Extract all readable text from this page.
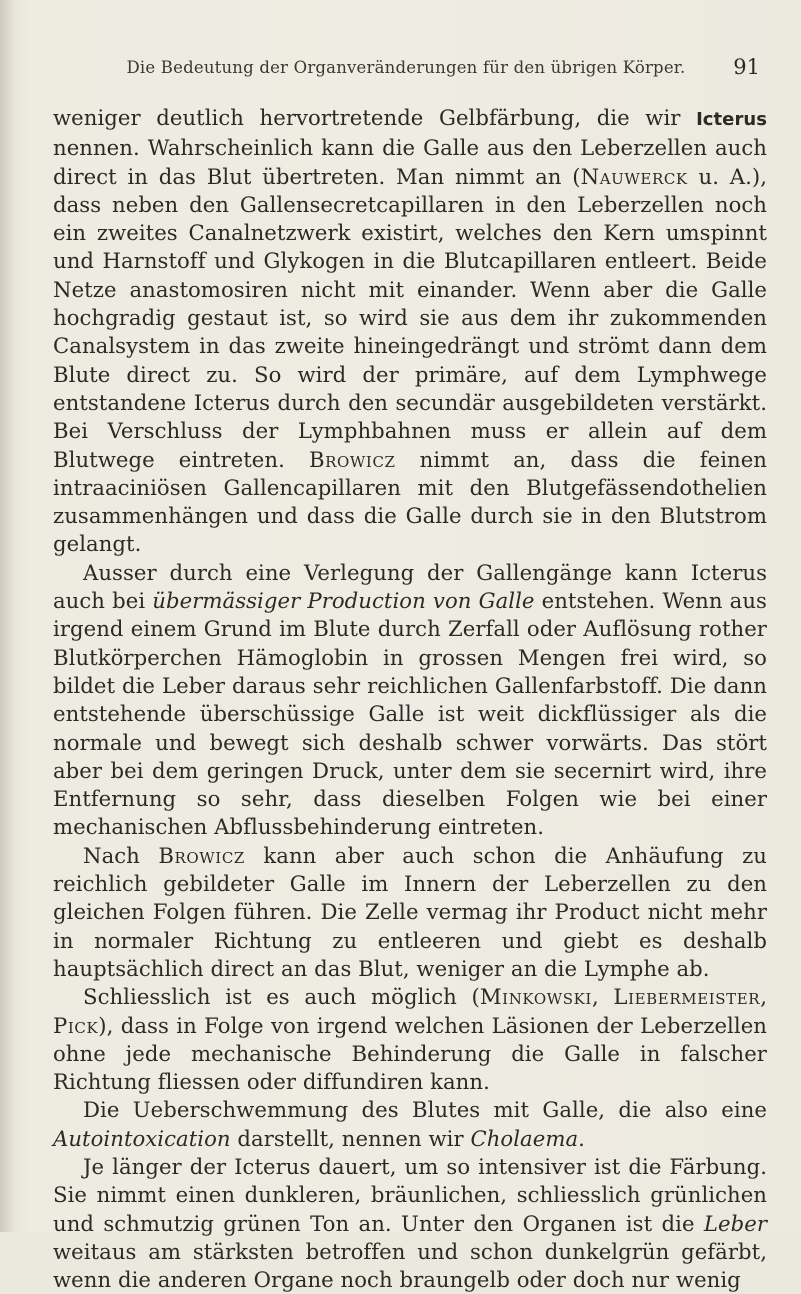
Die Bedeutung der Organveränderungen für den übrigen Körper.	91

weniger deutlich hervortretende Gelbfärbung, die wir Icterus nennen. Wahrscheinlich kann die Galle aus den Leberzellen auch direct in das Blut übertreten. Man nimmt an (Nauwerck u. A.), dass neben den Gallensecretcapillaren in den Leberzellen noch ein zweites Canalnetzwerk existirt, welches den Kern umspinnt und Harnstoff und Glykogen in die Blutcapillaren entleert. Beide Netze anastomosiren nicht mit einander. Wenn aber die Galle hochgradig gestaut ist, so wird sie aus dem ihr zukommenden Canalsystem in das zweite hineingedrängt und strömt dann dem Blute direct zu. So wird der primäre, auf dem Lymphwege entstandene Icterus durch den secundär ausgebildeten verstärkt. Bei Verschluss der Lymphbahnen muss er allein auf dem Blutwege eintreten. Browicz nimmt an, dass die feinen intraaciniösen Gallencapillaren mit den Blutgefässendothelien zusammenhängen und dass die Galle durch sie in den Blutstrom gelangt.

Ausser durch eine Verlegung der Gallengänge kann Icterus auch bei übermässiger Production von Galle entstehen. Wenn aus irgend einem Grund im Blute durch Zerfall oder Auflösung rother Blutkörperchen Hämoglobin in grossen Mengen frei wird, so bildet die Leber daraus sehr reichlichen Gallenfarbstoff. Die dann entstehende überschüssige Galle ist weit dickflüssiger als die normale und bewegt sich deshalb schwer vorwärts. Das stört aber bei dem geringen Druck, unter dem sie secernirt wird, ihre Entfernung so sehr, dass dieselben Folgen wie bei einer mechanischen Abflussbehinderung eintreten.

Nach Browicz kann aber auch schon die Anhäufung zu reichlich gebildeter Galle im Innern der Leberzellen zu den gleichen Folgen führen. Die Zelle vermag ihr Product nicht mehr in normaler Richtung zu entleeren und giebt es deshalb hauptsächlich direct an das Blut, weniger an die Lymphe ab.

Schliesslich ist es auch möglich (Minkowski, Liebermeister, Pick), dass in Folge von irgend welchen Läsionen der Leberzellen ohne jede mechanische Behinderung die Galle in falscher Richtung fliessen oder diffundiren kann.

Die Ueberschwemmung des Blutes mit Galle, die also eine Autointoxication darstellt, nennen wir Cholaema.

Je länger der Icterus dauert, um so intensiver ist die Färbung. Sie nimmt einen dunkleren, bräunlichen, schliesslich grünlichen und schmutzig grünen Ton an. Unter den Organen ist die Leber weitaus am stärksten betroffen und schon dunkelgrün gefärbt, wenn die anderen Organe noch braungelb oder doch nur wenig
